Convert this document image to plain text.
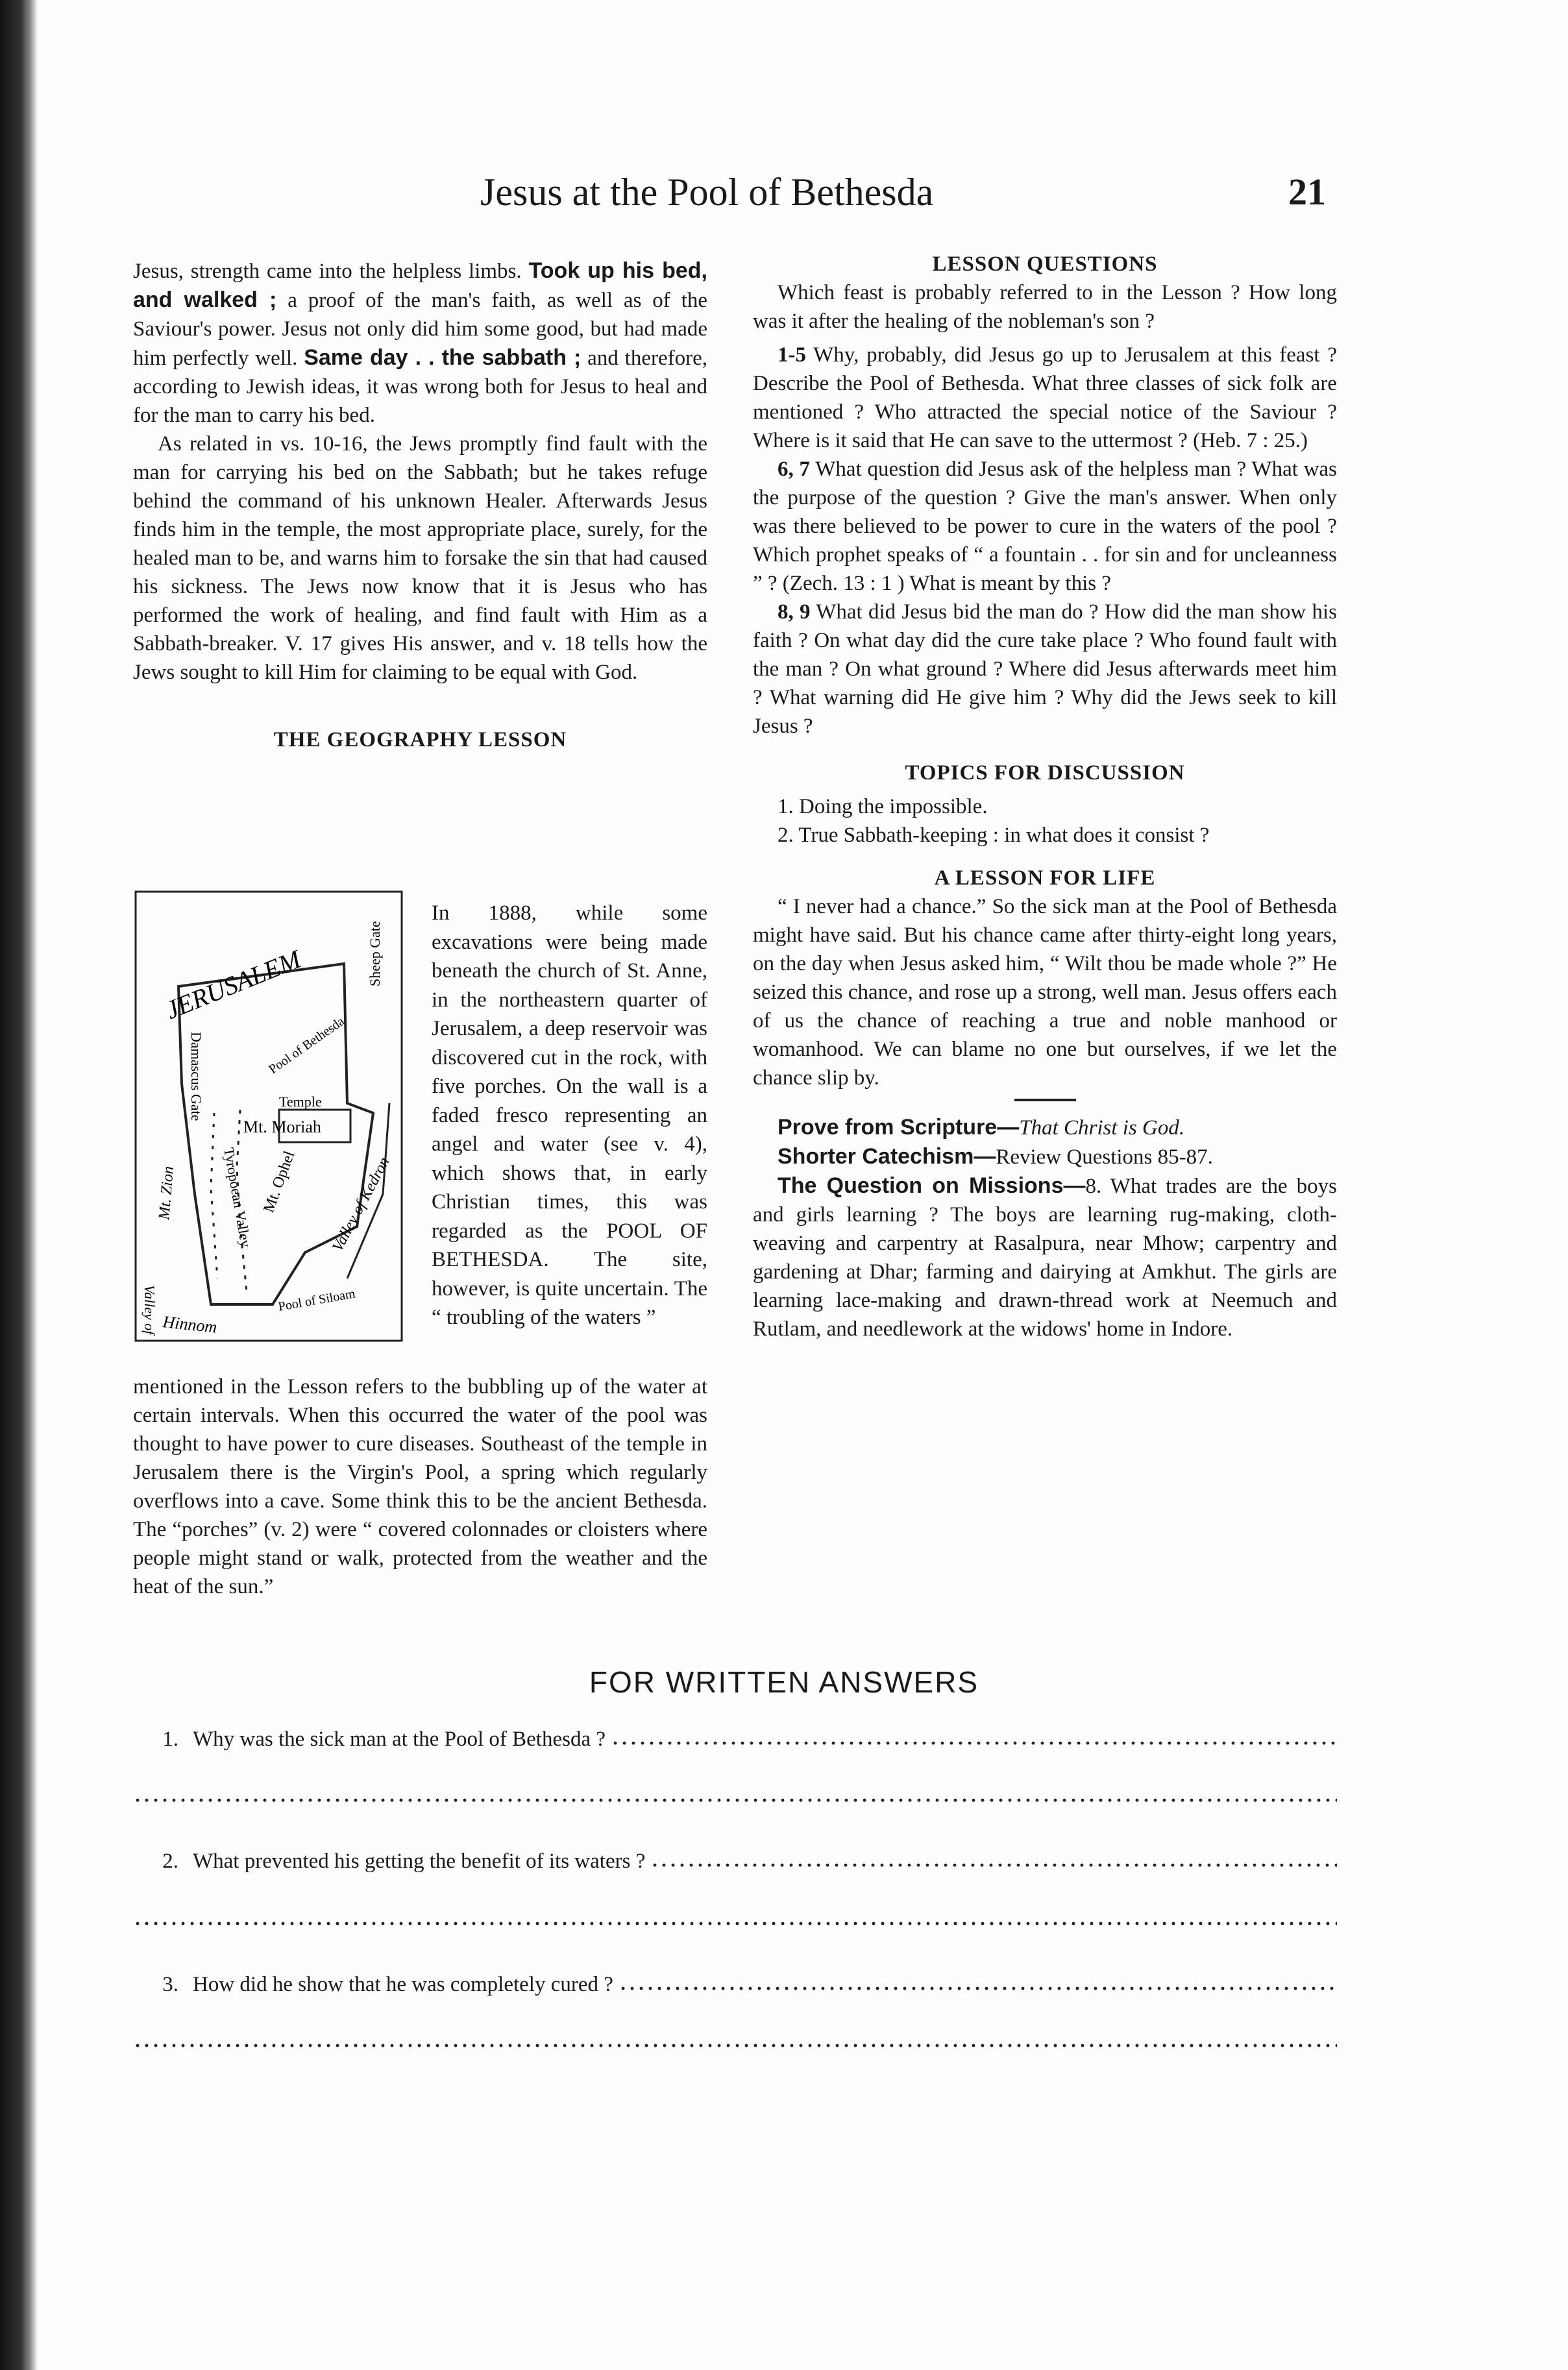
Jesus at the Pool of Bethesda	21

Jesus, strength came into the helpless limbs. Took up his bed, and walked ; a proof of the man's faith, as well as of the Saviour's power. Jesus not only did him some good, but had made him perfectly well. Same day . . the sabbath ; and therefore, according to Jewish ideas, it was wrong both for Jesus to heal and for the man to carry his bed.

As related in vs. 10-16, the Jews promptly find fault with the man for carrying his bed on the Sabbath; but he takes refuge behind the command of his unknown Healer. Afterwards Jesus finds him in the temple, the most appropriate place, surely, for the healed man to be, and warns him to forsake the sin that had caused his sickness. The Jews now know that it is Jesus who has performed the work of healing, and find fault with Him as a Sabbath-breaker. V. 17 gives His answer, and v. 18 tells how the Jews sought to kill Him for claiming to be equal with God.

THE GEOGRAPHY LESSON

JERUSALEM
Damascus Gate
Sheep Gate
Pool of Bethesda
Temple
Mt. Moriah
Tyropoean Valley
Mt. Zion
Valley of
Mt. Ophel Valley of Kedron
Pool of Siloam
Hinnom
In 1888, while some excavations were being made beneath the church of St. Anne, in the northeastern quarter of Jerusalem, a deep reservoir was discovered cut in the rock, with five porches. On the wall is a faded fresco representing an angel and water (see v. 4), which shows that, in early Christian times, this was regarded as the POOL OF BETHESDA. The site, however, is quite uncertain. The “ troubling of the waters ”
mentioned in the Lesson refers to the bubbling up of the water at certain intervals. When this occurred the water of the pool was thought to have power to cure diseases. Southeast of the temple in Jerusalem there is the Virgin's Pool, a spring which regularly overflows into a cave. Some think this to be the ancient Bethesda. The “porches” (v. 2) were “ covered colonnades or cloisters where people might stand or walk, protected from the weather and the heat of the sun.”

LESSON QUESTIONS

Which feast is probably referred to in the Lesson ? How long was it after the healing of the nobleman's son ?

1-5 Why, probably, did Jesus go up to Jerusalem at this feast ? Describe the Pool of Bethesda. What three classes of sick folk are mentioned ? Who attracted the special notice of the Saviour ? Where is it said that He can save to the uttermost ? (Heb. 7 : 25.)

6, 7 What question did Jesus ask of the helpless man ? What was the purpose of the question ? Give the man's answer. When only was there believed to be power to cure in the waters of the pool ? Which prophet speaks of “ a fountain . . for sin and for uncleanness ” ? (Zech. 13 : 1 ) What is meant by this ?

8, 9 What did Jesus bid the man do ? How did the man show his faith ? On what day did the cure take place ? Who found fault with the man ? On what ground ? Where did Jesus afterwards meet him ? What warning did He give him ? Why did the Jews seek to kill Jesus ?

TOPICS FOR DISCUSSION

1. Doing the impossible.

2. True Sabbath-keeping : in what does it consist ?

A LESSON FOR LIFE

“ I never had a chance.” So the sick man at the Pool of Bethesda might have said. But his chance came after thirty-eight long years, on the day when Jesus asked him, “ Wilt thou be made whole ?” He seized this chance, and rose up a strong, well man. Jesus offers each of us the chance of reaching a true and noble manhood or womanhood. We can blame no one but ourselves, if we let the chance slip by.

Prove from Scripture—That Christ is God.

Shorter Catechism—Review Questions 85-87.

The Question on Missions—8. What trades are the boys and girls learning ? The boys are learning rug-making, cloth-weaving and carpentry at Rasalpura, near Mhow; carpentry and gardening at Dhar; farming and dairying at Amkhut. The girls are learning lace-making and drawn-thread work at Neemuch and Rutlam, and needlework at the widows' home in Indore.

FOR WRITTEN ANSWERS
1. Why was the sick man at the Pool of Bethesda ?
2. What prevented his getting the benefit of its waters ?
3. How did he show that he was completely cured ?
